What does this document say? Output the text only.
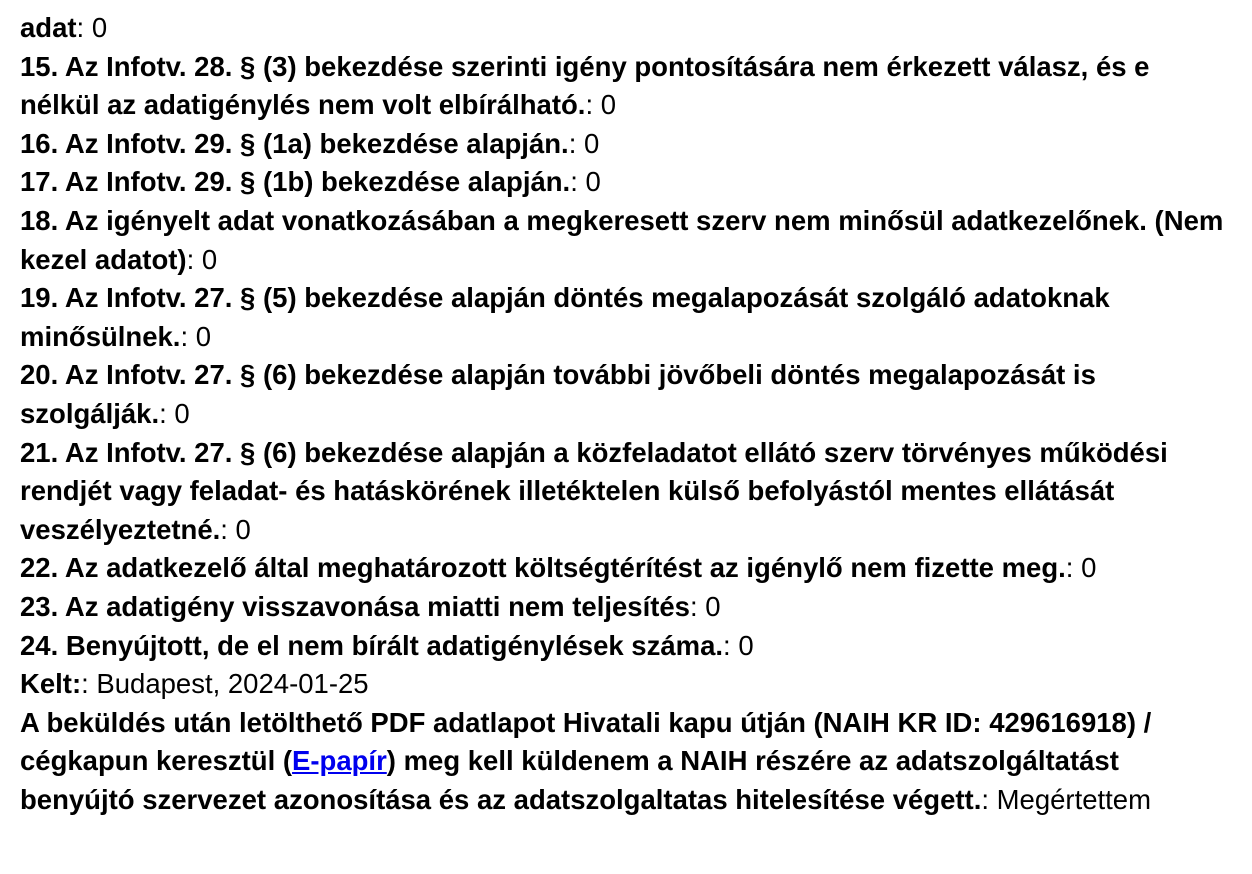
adat: 0

15. Az Infotv. 28. § (3) bekezdése szerinti igény pontosítására nem érkezett válasz, és e nélkül az adatigénylés nem volt elbírálható.: 0

16. Az Infotv. 29. § (1a) bekezdése alapján.: 0

17. Az Infotv. 29. § (1b) bekezdése alapján.: 0

18. Az igényelt adat vonatkozásában a megkeresett szerv nem minősül adatkezelőnek. (Nem kezel adatot): 0

19. Az Infotv. 27. § (5) bekezdése alapján döntés megalapozását szolgáló adatoknak minősülnek.: 0

20. Az Infotv. 27. § (6) bekezdése alapján további jövőbeli döntés megalapozását is szolgálják.: 0

21. Az Infotv. 27. § (6) bekezdése alapján a közfeladatot ellátó szerv törvényes működési rendjét vagy feladat- és hatáskörének illetéktelen külső befolyástól mentes ellátását veszélyeztetné.: 0

22. Az adatkezelő által meghatározott költségtérítést az igénylő nem fizette meg.: 0

23. Az adatigény visszavonása miatti nem teljesítés: 0

24. Benyújtott, de el nem bírált adatigénylések száma.: 0

Kelt:: Budapest, 2024-01-25

A beküldés után letölthető PDF adatlapot Hivatali kapu útján (NAIH KR ID: 429616918) / cégkapun keresztül (E-papír) meg kell küldenem a NAIH részére az adatszolgáltatást benyújtó szervezet azonosítása és az adatszolgaltatas hitelesítése végett.: Megértettem
